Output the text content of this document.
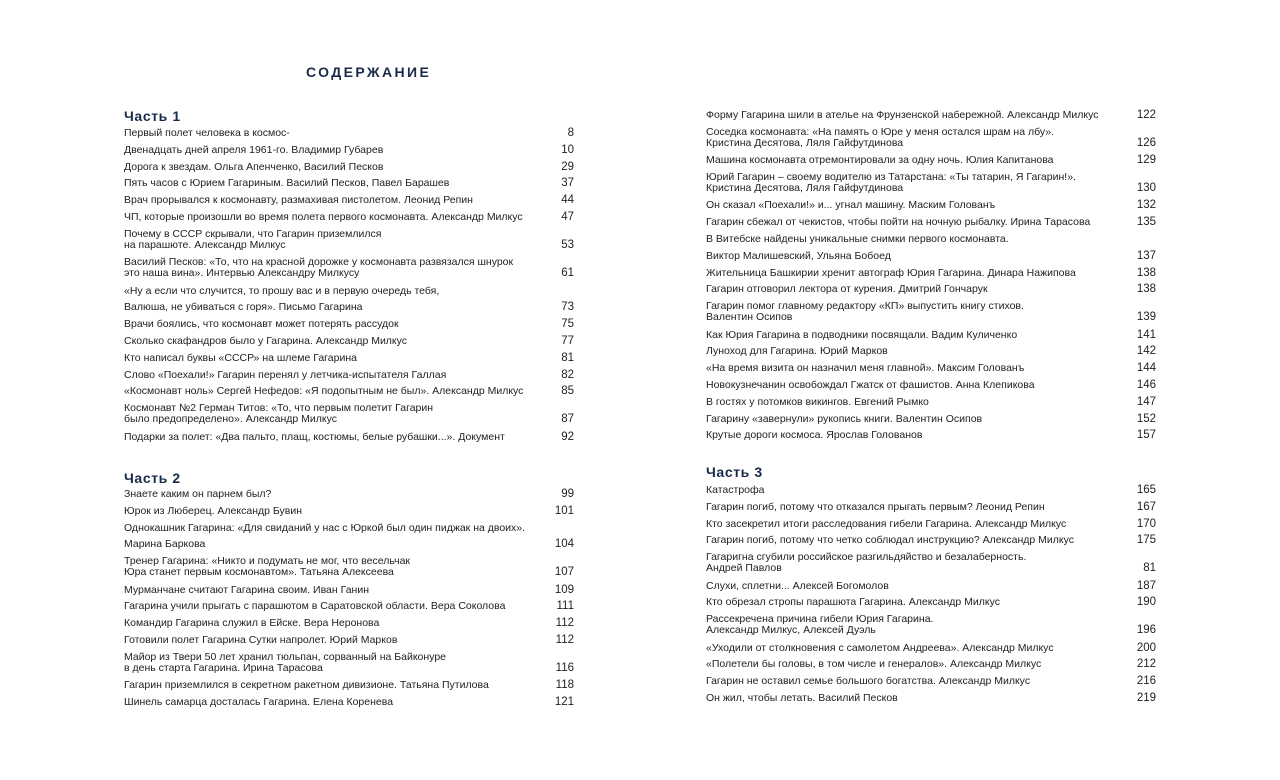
СОДЕРЖАНИЕ
Часть 1
Первый полет человека в космос-	8
Двенадцать дней апреля 1961-го. Владимир Губарев	10
Дорога к звездам. Ольга Апенченко, Василий Песков	29
Пять часов с Юрием Гагариным. Василий Песков, Павел Барашев	37
Врач прорывался к космонавту, размахивая пистолетом. Леонид Репин	44
ЧП, которые произошли во время полета первого космонавта. Александр Милкус	47
Почему в СССР скрывали, что Гагарин приземлился
на парашюте. Александр Милкус	53
Василий Песков: «То, что на красной дорожке у космонавта развязался шнурок
это наша вина». Интервью Александру Милкусу	61
«Ну а если что случится, то прошу вас и в первую очередь тебя,
Валюша, не убиваться с горя». Письмо Гагарина	73
Врачи боялись, что космонавт может потерять рассудок	75
Сколько скафандров было у Гагарина. Александр Милкус	77
Кто написал буквы «СССР» на шлеме Гагарина	81
Слово «Поехали!» Гагарин перенял у летчика-испытателя Галлая	82
«Космонавт ноль» Сергей Нефедов: «Я подопытным не был». Александр Милкус	85
Космонавт №2 Герман Титов: «То, что первым полетит Гагарин
было предопределено». Александр Милкус	87
Подарки за полет: «Два пальто, плащ, костюмы, белые рубашки...». Документ	92
Часть 2
Знаете каким он парнем был?	99
Юрок из Люберец. Александр Бувин	101
Однокашник Гагарина: «Для свиданий у нас с Юркой был один пиджак на двоих».
Марина Баркова	104
Тренер Гагарина: «Никто и подумать не мог, что весельчак
Юра станет первым космонавтом». Татьяна Алексеева	107
Мурманчане считают Гагарина своим. Иван Ганин	109
Гагарина учили прыгать с парашютом в Саратовской области. Вера Соколова	111
Командир Гагарина служил в Ейске. Вера Неронова	112
Готовили полет Гагарина Сутки напролет. Юрий Марков	112
Майор из Твери 50 лет хранил тюльпан, сорванный на Байконуре
в день старта Гагарина. Ирина Тарасова	116
Гагарин приземлился в секретном ракетном дивизионе. Татьяна Путилова	118
Шинель самарца досталась Гагарина. Елена Коренева	121
Форму Гагарина шили в ателье на Фрунзенской набережной. Александр Милкус	122
Соседка космонавта: «На память о Юре у меня остался шрам на лбу».
Кристина Десятова, Ляля Гайфутдинова	126
Машина космонавта отремонтировали за одну ночь. Юлия Капитанова	129
Юрий Гагарин – своему водителю из Татарстана: «Ты татарин, Я Гагарин!».
Кристина Десятова, Ляля Гайфутдинова	130
Он сказал «Поехали!» и... угнал машину. Маским Голованъ	132
Гагарин сбежал от чекистов, чтобы пойти на ночную рыбалку. Ирина Тарасова	135
В Витебске найдены уникальные снимки первого космонавта.
Виктор Малишевский, Ульяна Бобоед	137
Жительница Башкирии хренит автограф Юрия Гагарина. Динара Нажипова	138
Гагарин отговорил лектора от курения. Дмитрий Гончарук	138
Гагарин помог главному редактору «КП» выпустить книгу стихов.
Валентин Осипов	139
Как Юрия Гагарина в подводники посвящали. Вадим Куличенко	141
Луноход для Гагарина. Юрий Марков	142
«На время визита он назначил меня главной». Максим Голованъ	144
Новокузнечанин освобождал Гжатск от фашистов. Анна Клепикова	146
В гостях у потомков викингов. Евгений Рымко	147
Гагарину «завернули» рукопись книги. Валентин Осипов	152
Крутые дороги космоса. Ярослав Голованов	157
Часть 3
Катастрофа	165
Гагарин погиб, потому что отказался прыгать первым? Леонид Репин	167
Кто засекретил итоги расследования гибели Гагарина. Александр Милкус	170
Гагарин погиб, потому что четко соблюдал инструкцию? Александр Милкус	175
Гагаригна сгубили российское разгильдяйство и безалаберность.
Андрей Павлов	81
Слухи, сплетни... Алексей Богомолов	187
Кто обрезал стропы парашюта Гагарина. Александр Милкус	190
Рассекречена причина гибели Юрия Гагарина.
Александр Милкус, Алексей Дуэль	196
«Уходили от столкновения с самолетом Андреева». Александр Милкус	200
«Полетели бы головы, в том числе и генералов». Александр Милкус	212
Гагарин не оставил семье большого богатства. Александр Милкус	216
Он жил, чтобы летать. Василий Песков	219
